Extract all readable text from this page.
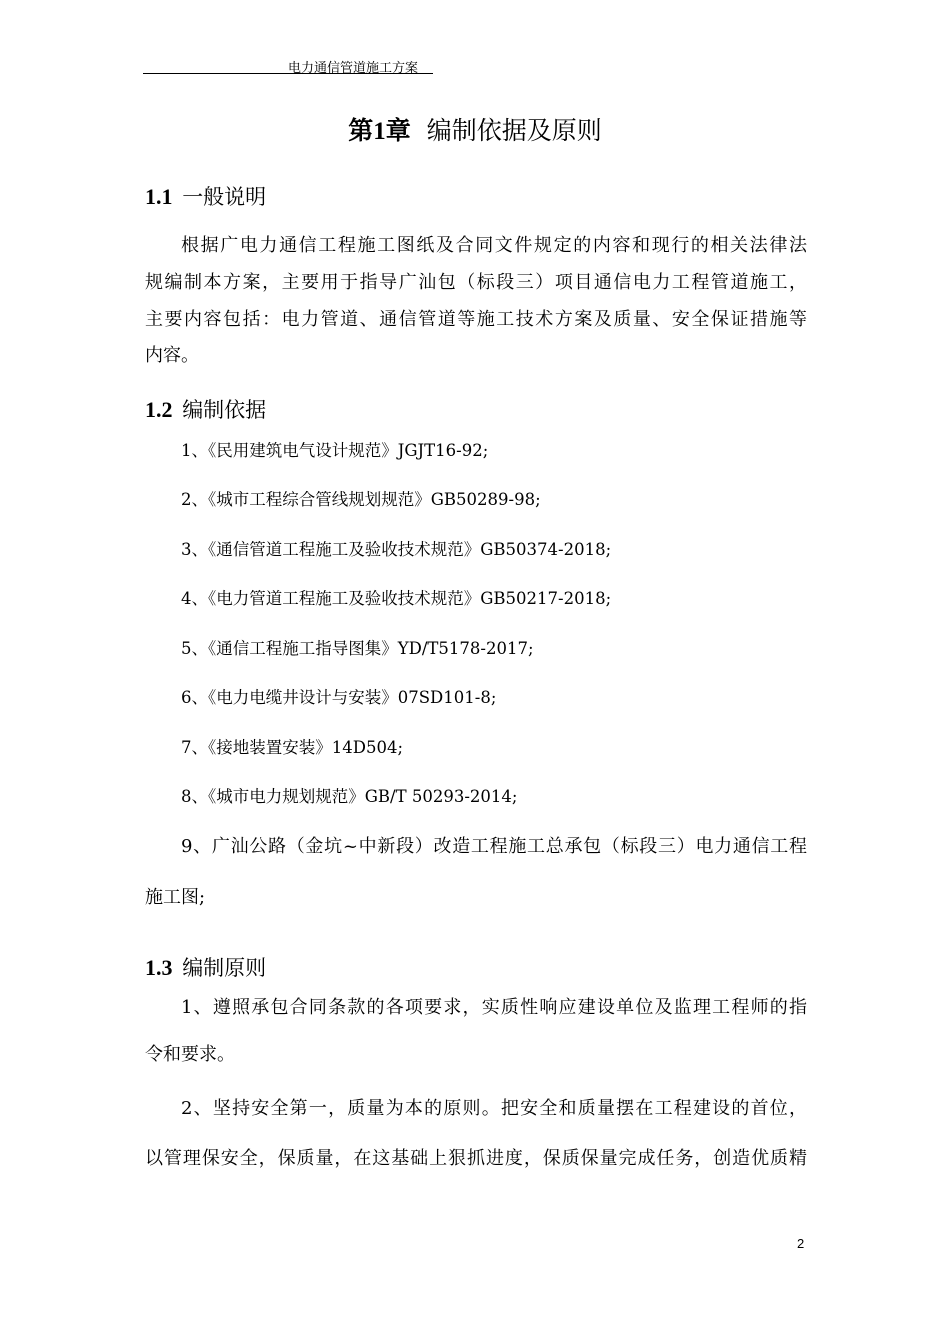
电力通信管道施工方案
第1章 编制依据及原则
1.1 一般说明
根据广电力通信工程施工图纸及合同文件规定的内容和现行的相关法律法
规编制本方案，主要用于指导广汕包（标段三）项目通信电力工程管道施工，
主要内容包括：电力管道、通信管道等施工技术方案及质量、安全保证措施等
内容。
1.2 编制依据
1、《民用建筑电气设计规范》JGJT16-92;
2、《城市工程综合管线规划规范》GB50289-98;
3、《通信管道工程施工及验收技术规范》GB50374-2018;
4、《电力管道工程施工及验收技术规范》GB50217-2018;
5、《通信工程施工指导图集》YD/T5178-2017;
6、《电力电缆井设计与安装》07SD101-8;
7、《接地装置安装》14D504;
8、《城市电力规划规范》GB/T 50293-2014;
9、广汕公路（金坑~中新段）改造工程施工总承包（标段三）电力通信工程
施工图;
1.3 编制原则
1、遵照承包合同条款的各项要求，实质性响应建设单位及监理工程师的指
令和要求。
2、坚持安全第一，质量为本的原则。把安全和质量摆在工程建设的首位，
以管理保安全，保质量，在这基础上狠抓进度，保质保量完成任务，创造优质精
2
